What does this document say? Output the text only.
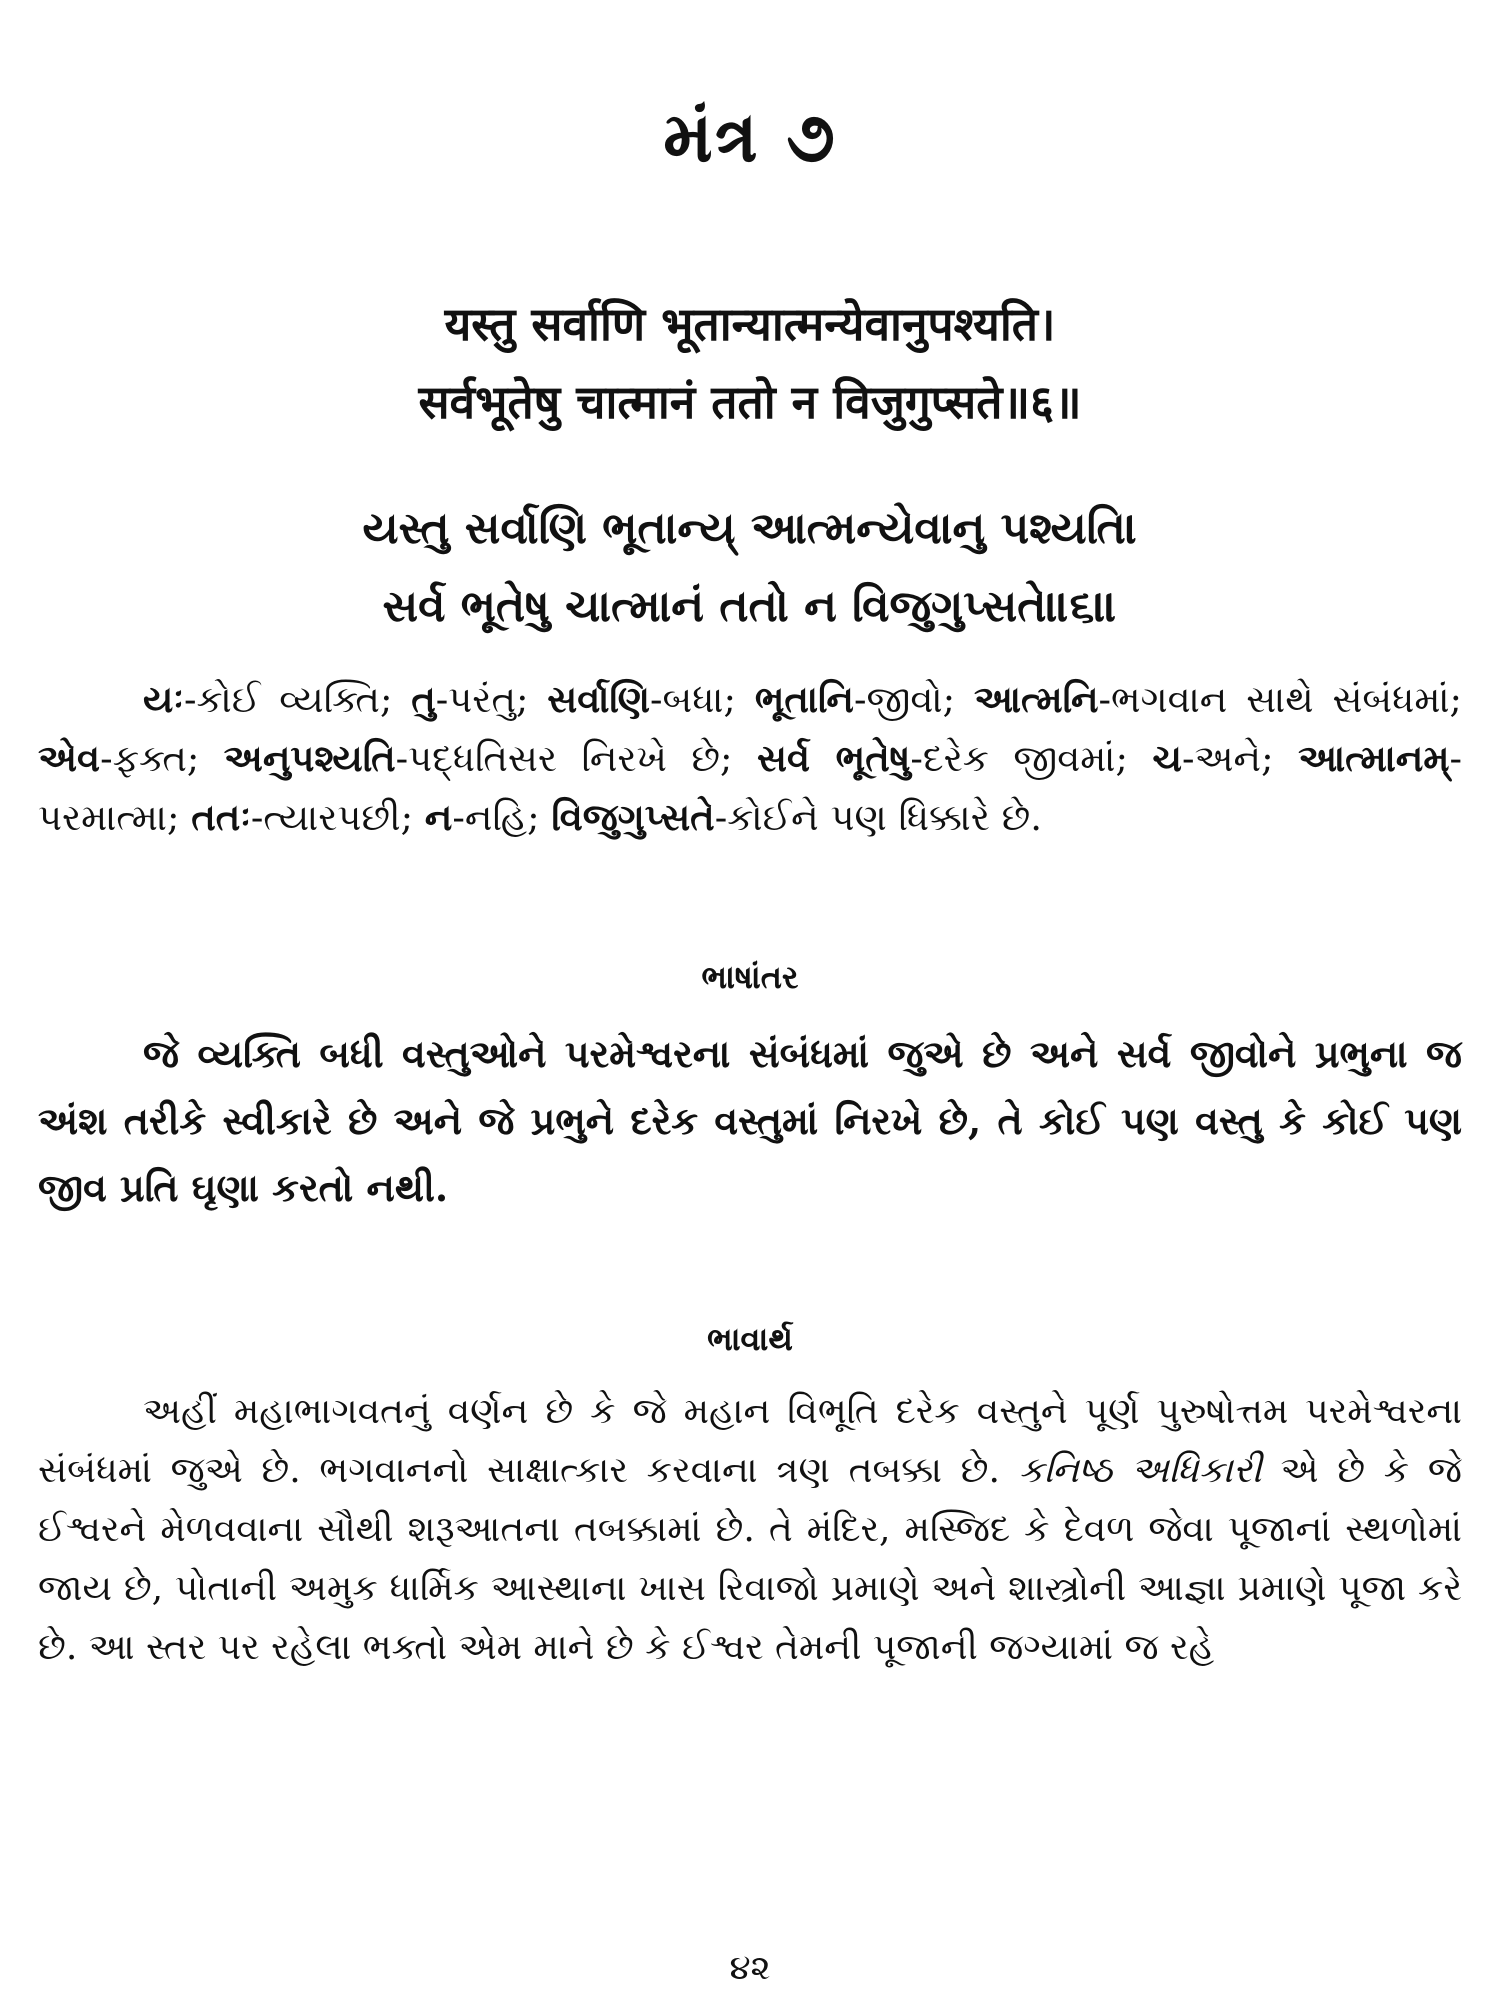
મંત્ર ૭
यस्तु सर्वाणि भूतान्यात्मन्येवानुपश्यति।
सर्वभूतेषु चात्मानं ततो न विजुगुप्सते॥६॥
યસ્તુ સર્વાણિ ભૂતાન્ય્ આત્મન્યેવાનુ પશ્યતિ।
સર્વ ભૂતેષુ ચાત્માનં તતો ન વિજુગુપ્સતે॥૬॥
યઃ-કોઈ વ્યક્તિ; તુ-પરંતુ; સર્વાણિ-બધા; ભૂતાનિ-જીવો; આત્મનિ-ભગવાન સાથે સંબંધમાં; એવ-ફક્ત; અનુપશ્યતિ-પદ્ધતિસર નિરખે છે; સર્વ ભૂતેષુ-દરેક જીવમાં; ચ-અને; આત્માનમ્-પરમાત્મા; તતઃ-ત્યારપછી; ન-નહિ; વિજુગુપ્સતે-કોઈને પણ ધિક્કારે છે.
ભાષાંતર
જે વ્યક્તિ બધી વસ્તુઓને પરમેશ્વરના સંબંધમાં જુએ છે અને સર્વ જીવોને પ્રભુના જ અંશ તરીકે સ્વીકારે છે અને જે પ્રભુને દરેક વસ્તુમાં નિરખે છે, તે કોઈ પણ વસ્તુ કે કોઈ પણ જીવ પ્રતિ ઘૃણા કરતો નથી.
ભાવાર્થ
અહીં મહાભાગવતનું વર્ણન છે કે જે મહાન વિભૂતિ દરેક વસ્તુને પૂર્ણ પુરુષોત્તમ પરમેશ્વરના સંબંધમાં જુએ છે. ભગવાનનો સાક્ષાત્કાર કરવાના ત્રણ તબક્કા છે. કનિષ્ઠ અધિકારી એ છે કે જે ઈશ્વરને મેળવવાના સૌથી શરૂઆતના તબક્કામાં છે. તે મંદિર, મસ્જિદ કે દેવળ જેવા પૂજાનાં સ્થળોમાં જાય છે, પોતાની અમુક ધાર્મિક આસ્થાના ખાસ રિવાજો પ્રમાણે અને શાસ્ત્રોની આજ્ઞા પ્રમાણે પૂજા કરે છે. આ સ્તર પર રહેલા ભક્તો એમ માને છે કે ઈશ્વર તેમની પૂજાની જગ્યામાં જ રહે
૪૨
